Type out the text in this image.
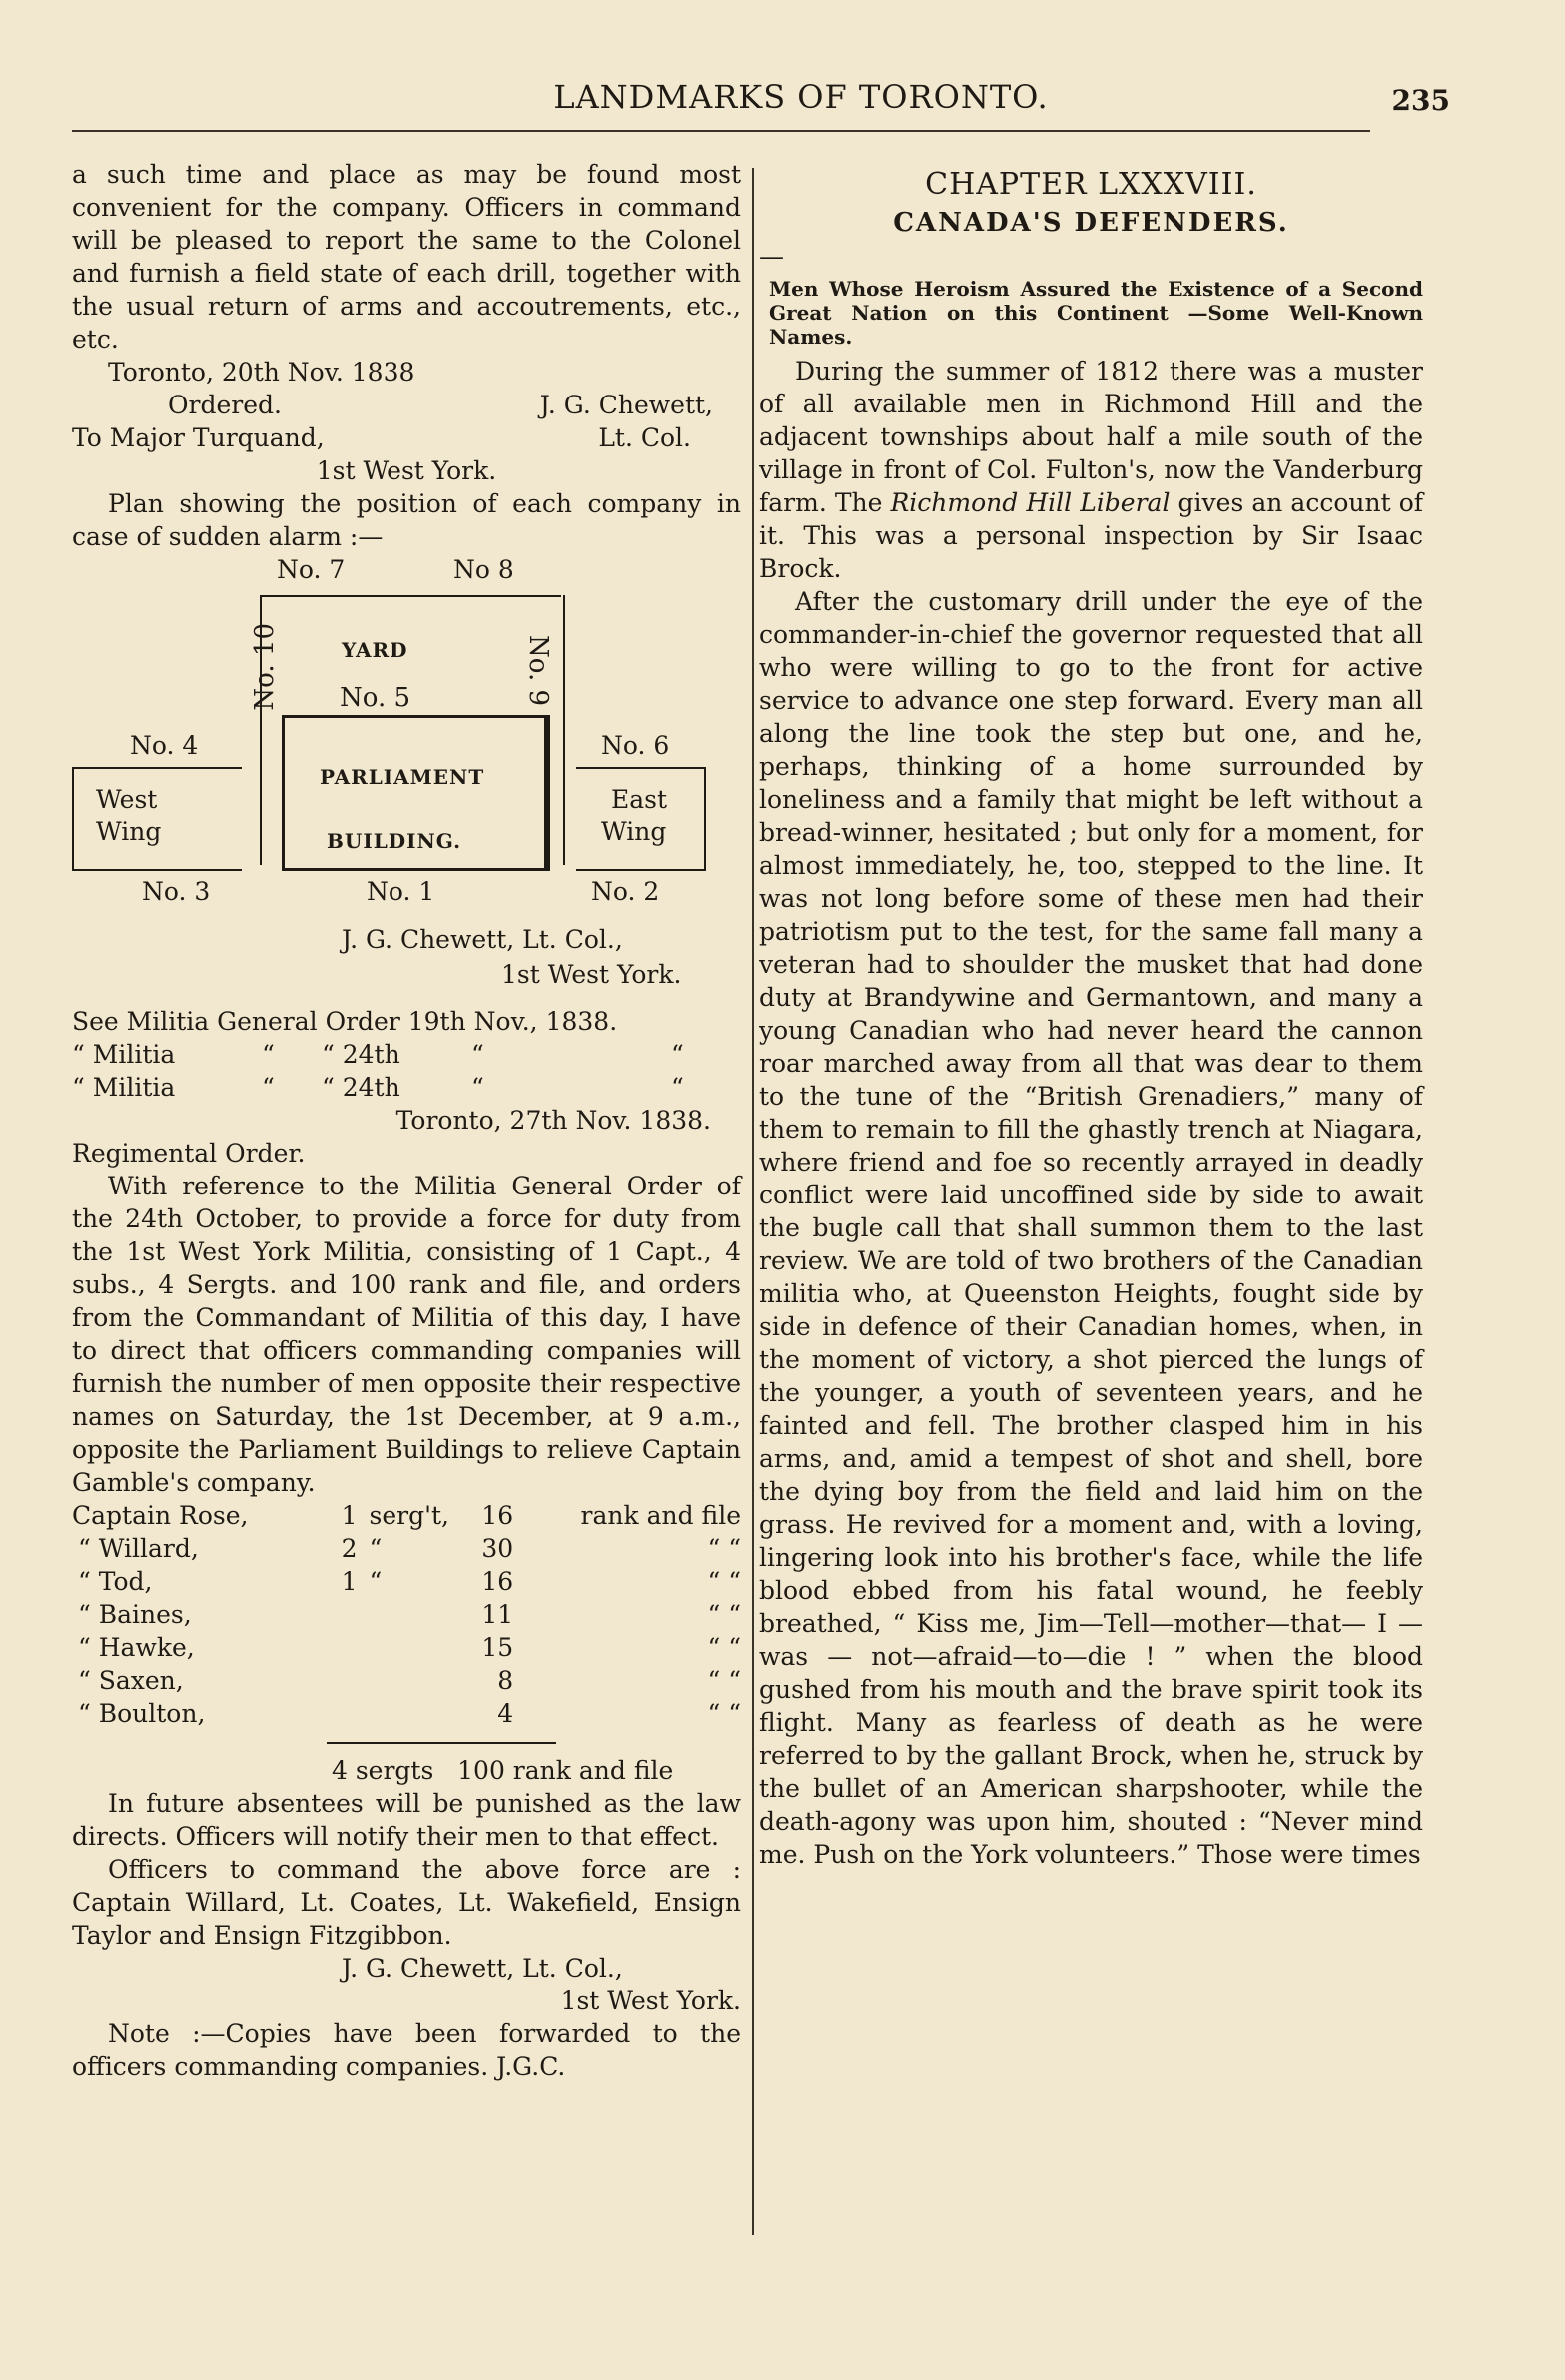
LANDMARKS OF TORONTO.	235

a such time and place as may be found most convenient for the company. Officers in command will be pleased to report the same to the Colonel and furnish a field state of each drill, together with the usual return of arms and accoutrements, etc., etc.

Toronto, 20th Nov. 1838

Ordered.	J. G. Chewett,
To Major Turquand,	Lt. Col.

1st West York.

Plan showing the position of each company in case of sudden alarm :—

No. 7	No 8
No. 10	YARD
No. 5	No. 9
No. 4
West
Wing
PARLIAMENT
BUILDING.
No. 6
East
Wing
No. 3	No. 1	No. 2
J. G. Chewett, Lt. Col.,
1st West York.

See Militia General Order 19th Nov., 1838.

“ Militia	“	“ 24th	“	“
“ Militia	“	“ 24th	“	“

Toronto, 27th Nov. 1838.

Regimental Order.

With reference to the Militia General Order of the 24th October, to provide a force for duty from the 1st West York Militia, consisting of 1 Capt., 4 subs., 4 Sergts. and 100 rank and file, and orders from the Commandant of Militia of this day, I have to direct that officers commanding companies will furnish the number of men opposite their respective names on Saturday, the 1st December, at 9 a.m., opposite the Parliament Buildings to relieve Captain Gamble's company.

Captain Rose,	1	serg't,	16	rank and file
“ Willard,	2	“	30	“ “
“ Tod,	1	“	16	“ “
“ Baines,			11	“ “
“ Hawke,			15	“ “
“ Saxen,			8	“ “
“ Boulton,			4	“ “

4 sergts   100 rank and file

In future absentees will be punished as the law directs. Officers will notify their men to that effect.

Officers to command the above force are : Captain Willard, Lt. Coates, Lt. Wakefield, Ensign Taylor and Ensign Fitzgibbon.

J. G. Chewett, Lt. Col.,

1st West York.

Note :—Copies have been forwarded to the officers commanding companies. J.G.C.

CHAPTER LXXXVIII.
CANADA'S DEFENDERS.

—

Men Whose Heroism Assured the Existence of a Second Great Nation on this Continent —Some Well-Known Names.

During the summer of 1812 there was a muster of all available men in Richmond Hill and the adjacent townships about half a mile south of the village in front of Col. Fulton's, now the Vanderburg farm. The Richmond Hill Liberal gives an account of it. This was a personal inspection by Sir Isaac Brock.

After the customary drill under the eye of the commander-in-chief the governor requested that all who were willing to go to the front for active service to advance one step forward. Every man all along the line took the step but one, and he, perhaps, thinking of a home surrounded by loneliness and a family that might be left without a bread-winner, hesitated ; but only for a moment, for almost immediately, he, too, stepped to the line. It was not long before some of these men had their patriotism put to the test, for the same fall many a veteran had to shoulder the musket that had done duty at Brandywine and Germantown, and many a young Canadian who had never heard the cannon roar marched away from all that was dear to them to the tune of the “British Grenadiers,” many of them to remain to fill the ghastly trench at Niagara, where friend and foe so recently arrayed in deadly conflict were laid uncoffined side by side to await the bugle call that shall summon them to the last review. We are told of two brothers of the Canadian militia who, at Queenston Heights, fought side by side in defence of their Canadian homes, when, in the moment of victory, a shot pierced the lungs of the younger, a youth of seventeen years, and he fainted and fell. The brother clasped him in his arms, and, amid a tempest of shot and shell, bore the dying boy from the field and laid him on the grass. He revived for a moment and, with a loving, lingering look into his brother's face, while the life blood ebbed from his fatal wound, he feebly breathed, “ Kiss me, Jim—Tell—mother—that— I — was — not—afraid—to—die ! ” when the blood gushed from his mouth and the brave spirit took its flight. Many as fearless of death as he were referred to by the gallant Brock, when he, struck by the bullet of an American sharpshooter, while the death-agony was upon him, shouted : “Never mind me. Push on the York volunteers.” Those were times
